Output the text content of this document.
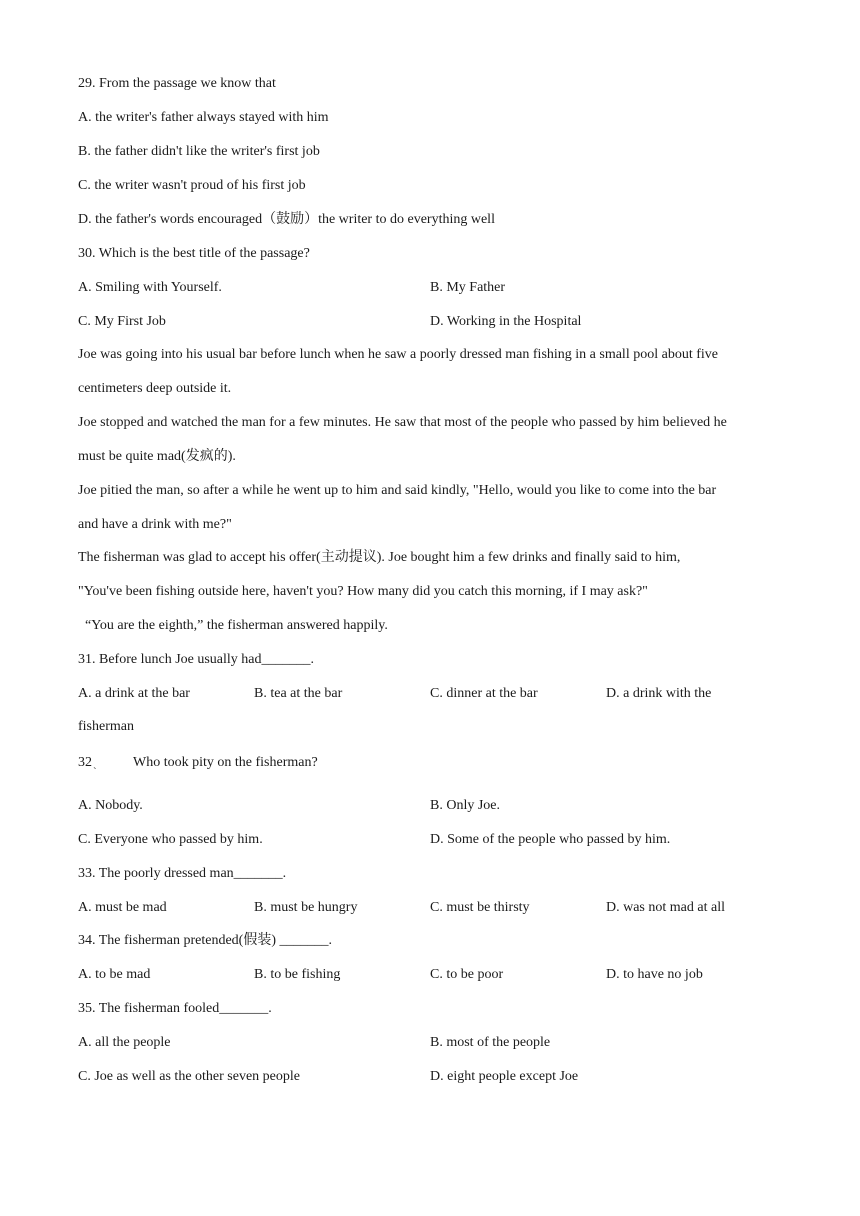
29. From the passage we know that
A. the writer's father always stayed with him
B. the father didn't like the writer's first job
C. the writer wasn't proud of his first job
D. the father's words encouraged（鼓励）the writer to do everything well
30. Which is the best title of the passage?
A. Smiling with Yourself.	B. My Father
C. My First Job	D. Working in the Hospital
Joe was going into his usual bar before lunch when he saw a poorly dressed man fishing in a small pool about five
centimeters deep outside it.
Joe stopped and watched the man for a few minutes. He saw that most of the people who passed by him believed he
must be quite mad(发疯的).
Joe pitied the man, so after a while he went up to him and said kindly, "Hello, would you like to come into the bar
and have a drink with me?"
The fisherman was glad to accept his offer(主动提议). Joe bought him a few drinks and finally said to him,
"You've been fishing outside here, haven't you? How many did you catch this morning, if I may ask?"
“You are the eighth,” the fisherman answered happily.
31. Before lunch Joe usually had_______.
A. a drink at the bar	B. tea at the bar	C. dinner at the bar	D. a drink with the
fisherman
32
`
Who took pity on the fisherman?
A. Nobody.	B. Only Joe.
C. Everyone who passed by him.	D. Some of the people who passed by him.
33. The poorly dressed man_______.
A. must be mad	B. must be hungry	C. must be thirsty	D. was not mad at all
34. The fisherman pretended(假装) _______.
A. to be mad	B. to be fishing	C. to be poor	D. to have no job
35. The fisherman fooled_______.
A. all the people	B. most of the people
C. Joe as well as the other seven people	D. eight people except Joe
